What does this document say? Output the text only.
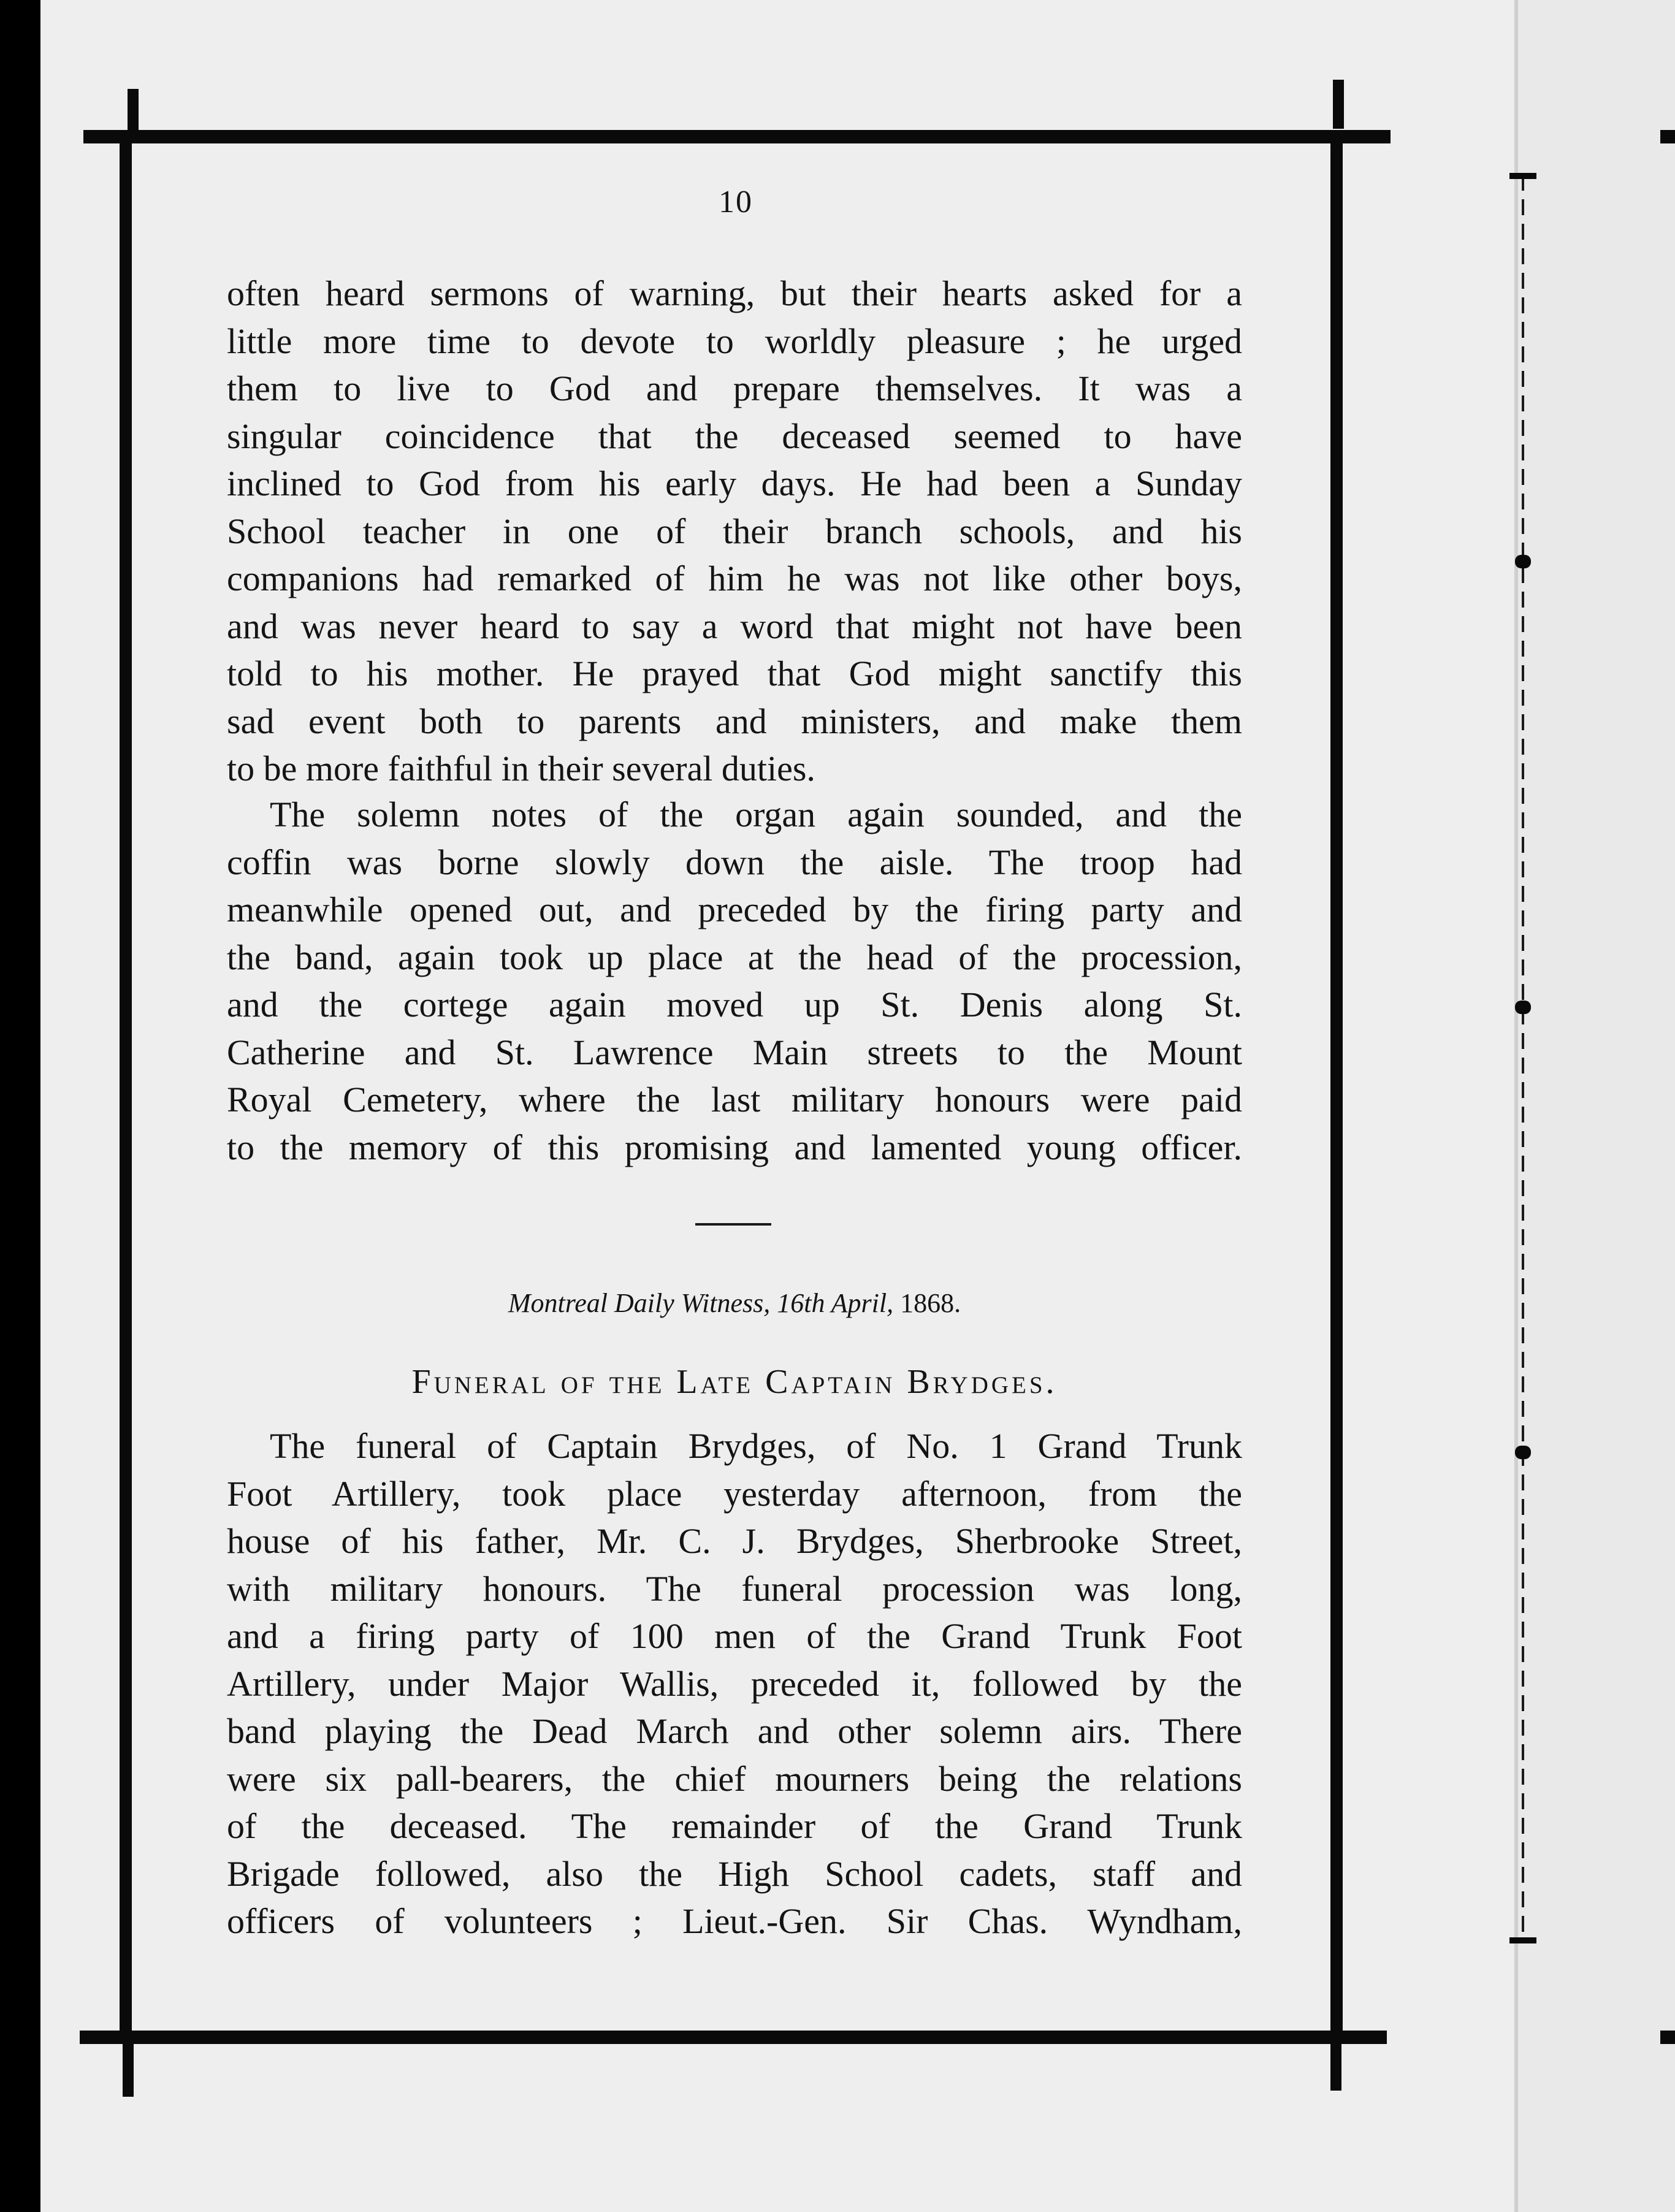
10
often heard sermons of warning, but their hearts asked for a
little more time to devote to worldly pleasure ; he urged
them to live to God and prepare themselves. It was a
singular coincidence that the deceased seemed to have
inclined to God from his early days. He had been a Sunday
School teacher in one of their branch schools, and his
companions had remarked of him he was not like other boys,
and was never heard to say a word that might not have been
told to his mother. He prayed that God might sanctify this
sad event both to parents and ministers, and make them
to be more faithful in their several duties.
The solemn notes of the organ again sounded, and the
coffin was borne slowly down the aisle. The troop had
meanwhile opened out, and preceded by the firing party and
the band, again took up place at the head of the procession,
and the cortege again moved up St. Denis along St.
Catherine and St. Lawrence Main streets to the Mount
Royal Cemetery, where the last military honours were paid
to the memory of this promising and lamented young officer.
Montreal Daily Witness, 16th April, 1868.
Funeral of the Late Captain Brydges.
The funeral of Captain Brydges, of No. 1 Grand Trunk
Foot Artillery, took place yesterday afternoon, from the
house of his father, Mr. C. J. Brydges, Sherbrooke Street,
with military honours. The funeral procession was long,
and a firing party of 100 men of the Grand Trunk Foot
Artillery, under Major Wallis, preceded it, followed by the
band playing the Dead March and other solemn airs. There
were six pall-bearers, the chief mourners being the relations
of the deceased. The remainder of the Grand Trunk
Brigade followed, also the High School cadets, staff and
officers of volunteers ; Lieut.-Gen. Sir Chas. Wyndham,
